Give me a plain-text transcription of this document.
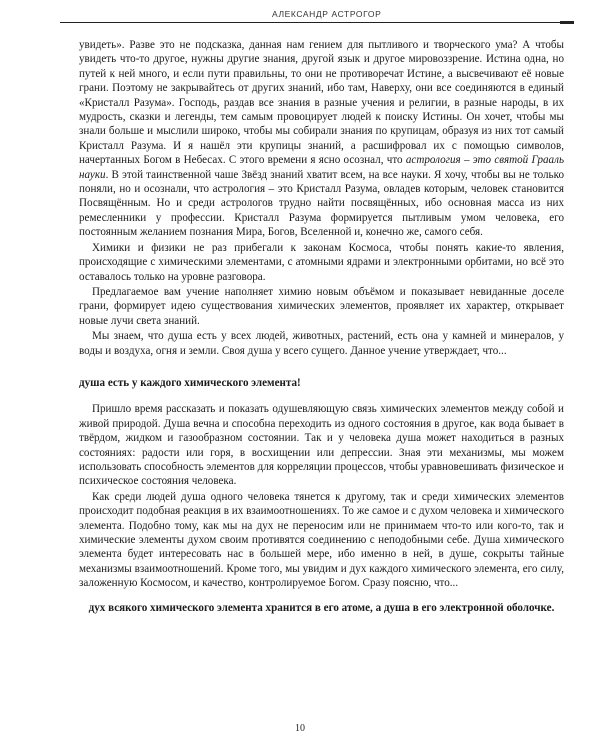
АЛЕКСАНДР АСТРОГОР

увидеть». Разве это не подсказка, данная нам гением для пытливого и творческого ума? А чтобы увидеть что-то другое, нужны другие знания, другой язык и другое мировоззрение. Истина одна, но путей к ней много, и если пути правильны, то они не противоречат Истине, а высвечивают её новые грани. Поэтому не закрывайтесь от других знаний, ибо там, Наверху, они все соединяются в единый «Кристалл Разума». Господь, раздав все знания в разные учения и религии, в разные народы, в их мудрость, сказки и легенды, тем самым провоцирует людей к поиску Истины. Он хочет, чтобы мы знали больше и мыслили широко, чтобы мы собирали знания по крупицам, образуя из них тот самый Кристалл Разума. И я нашёл эти крупицы знаний, а расшифровал их с помощью символов, начертанных Богом в Небесах. С этого времени я ясно осознал, что астрология – это святой Грааль науки. В этой таинственной чаше Звёзд знаний хватит всем, на все науки. Я хочу, чтобы вы не только поняли, но и осознали, что астрология – это Кристалл Разума, овладев которым, человек становится Посвящённым. Но и среди астрологов трудно найти посвящённых, ибо основная масса из них ремесленники у профессии. Кристалл Разума формируется пытливым умом человека, его постоянным желанием познания Мира, Богов, Вселенной и, конечно же, самого себя.

Химики и физики не раз прибегали к законам Космоса, чтобы понять какие-то явления, происходящие с химическими элементами, с атомными ядрами и электронными орбитами, но всё это оставалось только на уровне разговора.

Предлагаемое вам учение наполняет химию новым объёмом и показывает невиданные доселе грани, формирует идею существования химических элементов, проявляет их характер, открывает новые лучи света знаний.

Мы знаем, что душа есть у всех людей, животных, растений, есть она у камней и минералов, у воды и воздуха, огня и земли. Своя душа у всего сущего. Данное учение утверждает, что...

душа есть у каждого химического элемента!

Пришло время рассказать и показать одушевляющую связь химических элементов между собой и живой природой. Душа вечна и способна переходить из одного состояния в другое, как вода бывает в твёрдом, жидком и газообразном состоянии. Так и у человека душа может находиться в разных состояниях: радости или горя, в восхищении или депрессии. Зная эти механизмы, мы можем использовать способность элементов для корреляции процессов, чтобы уравновешивать физическое и психическое состояния человека.

Как среди людей душа одного человека тянется к другому, так и среди химических элементов происходит подобная реакция в их взаимоотношениях. То же самое и с духом человека и химического элемента. Подобно тому, как мы на дух не переносим или не принимаем что-то или кого-то, так и химические элементы духом своим противятся соединению с неподобными себе. Душа химического элемента будет интересовать нас в большей мере, ибо именно в ней, в душе, сокрыты тайные механизмы взаимоотношений. Кроме того, мы увидим и дух каждого химического элемента, его силу, заложенную Космосом, и качество, контролируемое Богом. Сразу поясню, что...

дух всякого химического элемента хранится в его атоме, а душа в его электронной оболочке.

10
